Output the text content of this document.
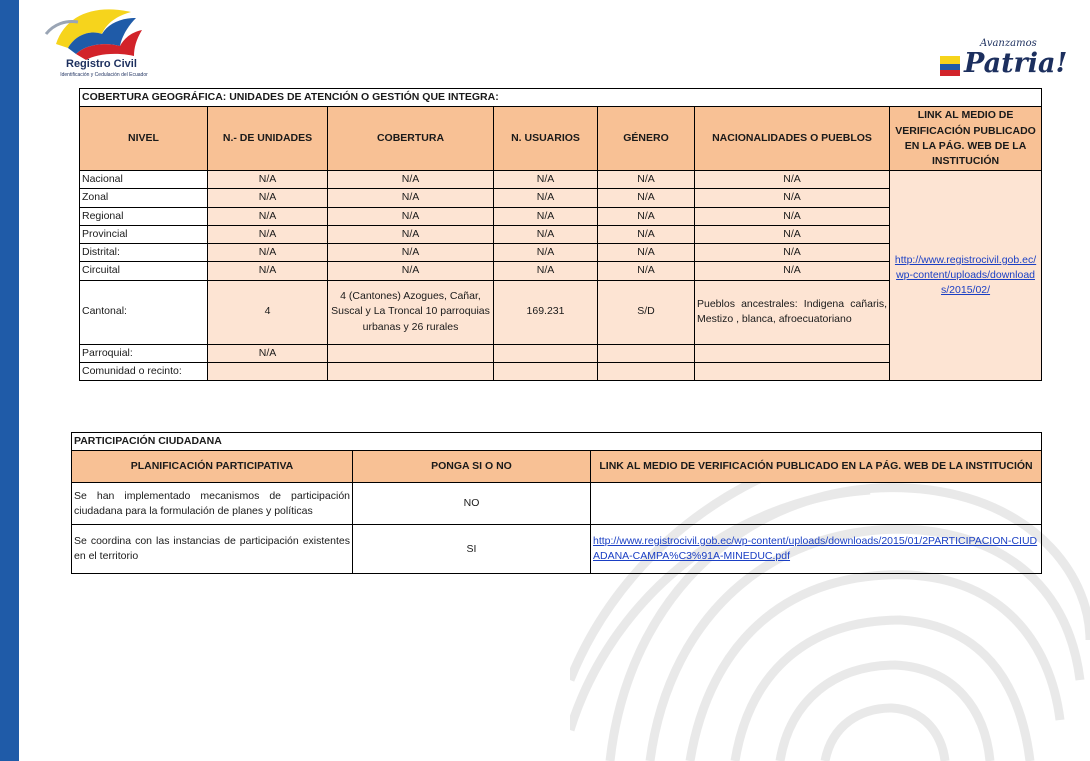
Registro Civil
Identificación y Cedulación del Ecuador
Avanzamos
Patria!
COBERTURA GEOGRÁFICA: UNIDADES DE ATENCIÓN O GESTIÓN QUE INTEGRA:						
NIVEL	N.- DE UNIDADES	COBERTURA	N. USUARIOS	GÉNERO	NACIONALIDADES O PUEBLOS	LINK AL MEDIO DE VERIFICACIÓN PUBLICADO EN LA PÁG. WEB DE LA INSTITUCIÓN
Nacional	N/A	N/A	N/A	N/A	N/A	http://www.registrocivil.gob.ec/wp-content/uploads/downloads/2015/02/
Zonal	N/A	N/A	N/A	N/A	N/A	
Regional	N/A	N/A	N/A	N/A	N/A	
Provincial	N/A	N/A	N/A	N/A	N/A	
Distrital:	N/A	N/A	N/A	N/A	N/A	
Circuital	N/A	N/A	N/A	N/A	N/A	
Cantonal:	4	4 (Cantones) Azogues, Cañar, Suscal y La Troncal 10 parroquias urbanas y 26 rurales	169.231	S/D	Pueblos ancestrales: Indigena cañaris, Mestizo , blanca, afroecuatoriano	
Parroquial:	N/A					
Comunidad o recinto:						
PARTICIPACIÓN CIUDADANA		
PLANIFICACIÓN PARTICIPATIVA	PONGA SI O NO	LINK AL MEDIO DE VERIFICACIÓN PUBLICADO EN LA PÁG. WEB DE LA INSTITUCIÓN
Se han implementado mecanismos de participación ciudadana para la formulación de planes y políticas	NO	
Se coordina con las instancias de participación existentes en el territorio	SI	http://www.registrocivil.gob.ec/wp-content/uploads/downloads/2015/01/2PARTICIPACION-CIUDADANA-CAMPA%C3%91A-MINEDUC.pdf
